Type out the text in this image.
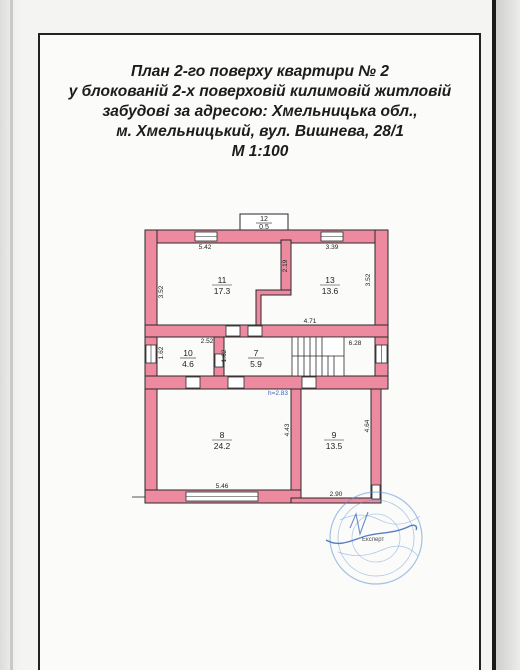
План 2-го поверху квартири № 2
у блокованій 2-х поверховій килимовій житловій
забудові за адресою: Хмельницька обл.,
м. Хмельницький, вул. Вишнева, 28/1
М 1:100
12
0.5
11
17.3
13
13.6
10
4.6
7
5.9
8
24.2
9
13.5
5.42	3.39
2.19
3.52
3.52
4.71
2.52	6.28
1.62	1.62
h=2.83
4.43	4.64
5.46
2.90
Експерт
